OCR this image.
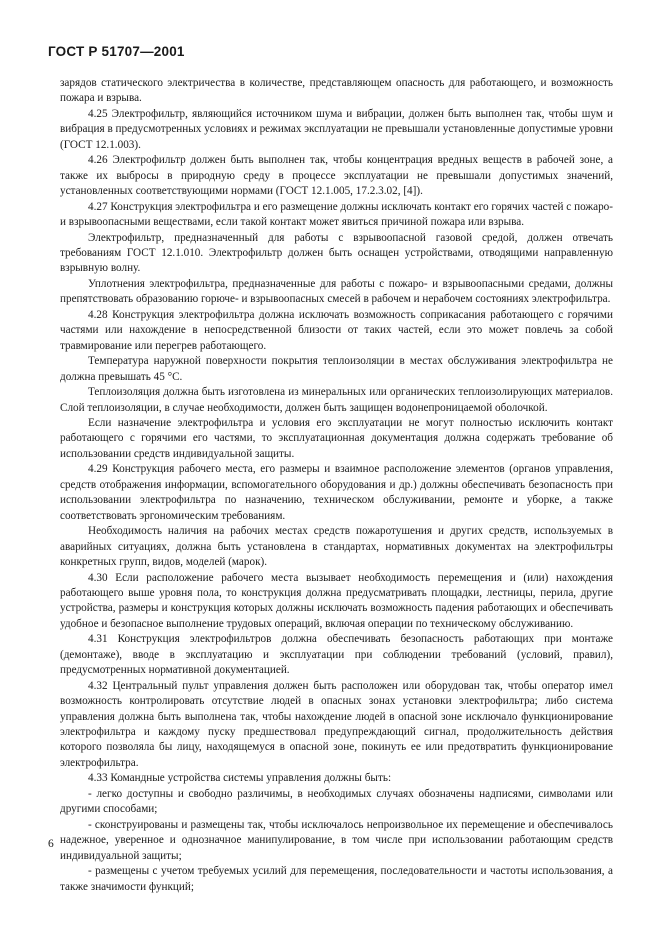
ГОСТ Р 51707—2001

зарядов статического электричества в количестве, представляющем опасность для работающего, и возможность пожара и взрыва.

4.25 Электрофильтр, являющийся источником шума и вибрации, должен быть выполнен так, чтобы шум и вибрация в предусмотренных условиях и режимах эксплуатации не превышали установленные допустимые уровни (ГОСТ 12.1.003).

4.26 Электрофильтр должен быть выполнен так, чтобы концентрация вредных веществ в рабочей зоне, а также их выбросы в природную среду в процессе эксплуатации не превышали допустимых значений, установленных соответствующими нормами (ГОСТ 12.1.005, 17.2.3.02, [4]).

4.27 Конструкция электрофильтра и его размещение должны исключать контакт его горячих частей с пожаро- и взрывоопасными веществами, если такой контакт может явиться причиной пожара или взрыва.

Электрофильтр, предназначенный для работы с взрывоопасной газовой средой, должен отвечать требованиям ГОСТ 12.1.010. Электрофильтр должен быть оснащен устройствами, отводящими направленную взрывную волну.

Уплотнения электрофильтра, предназначенные для работы с пожаро- и взрывоопасными средами, должны препятствовать образованию горюче- и взрывоопасных смесей в рабочем и нерабочем состояниях электрофильтра.

4.28 Конструкция электрофильтра должна исключать возможность соприкасания работающего с горячими частями или нахождение в непосредственной близости от таких частей, если это может повлечь за собой травмирование или перегрев работающего.

Температура наружной поверхности покрытия теплоизоляции в местах обслуживания электрофильтра не должна превышать 45 °С.

Теплоизоляция должна быть изготовлена из минеральных или органических теплоизолирующих материалов. Слой теплоизоляции, в случае необходимости, должен быть защищен водонепроницаемой оболочкой.

Если назначение электрофильтра и условия его эксплуатации не могут полностью исключить контакт работающего с горячими его частями, то эксплуатационная документация должна содержать требование об использовании средств индивидуальной защиты.

4.29 Конструкция рабочего места, его размеры и взаимное расположение элементов (органов управления, средств отображения информации, вспомогательного оборудования и др.) должны обеспечивать безопасность при использовании электрофильтра по назначению, техническом обслуживании, ремонте и уборке, а также соответствовать эргономическим требованиям.

Необходимость наличия на рабочих местах средств пожаротушения и других средств, используемых в аварийных ситуациях, должна быть установлена в стандартах, нормативных документах на электрофильтры конкретных групп, видов, моделей (марок).

4.30 Если расположение рабочего места вызывает необходимость перемещения и (или) нахождения работающего выше уровня пола, то конструкция должна предусматривать площадки, лестницы, перила, другие устройства, размеры и конструкция которых должны исключать возможность падения работающих и обеспечивать удобное и безопасное выполнение трудовых операций, включая операции по техническому обслуживанию.

4.31 Конструкция электрофильтров должна обеспечивать безопасность работающих при монтаже (демонтаже), вводе в эксплуатацию и эксплуатации при соблюдении требований (условий, правил), предусмотренных нормативной документацией.

4.32 Центральный пульт управления должен быть расположен или оборудован так, чтобы оператор имел возможность контролировать отсутствие людей в опасных зонах установки электрофильтра; либо система управления должна быть выполнена так, чтобы нахождение людей в опасной зоне исключало функционирование электрофильтра и каждому пуску предшествовал предупреждающий сигнал, продолжительность действия которого позволяла бы лицу, находящемуся в опасной зоне, покинуть ее или предотвратить функционирование электрофильтра.

4.33 Командные устройства системы управления должны быть:

- легко доступны и свободно различимы, в необходимых случаях обозначены надписями, символами или другими способами;

- сконструированы и размещены так, чтобы исключалось непроизвольное их перемещение и обеспечивалось надежное, уверенное и однозначное манипулирование, в том числе при использовании работающим средств индивидуальной защиты;

- размещены с учетом требуемых усилий для перемещения, последовательности и частоты использования, а также значимости функций;

6
